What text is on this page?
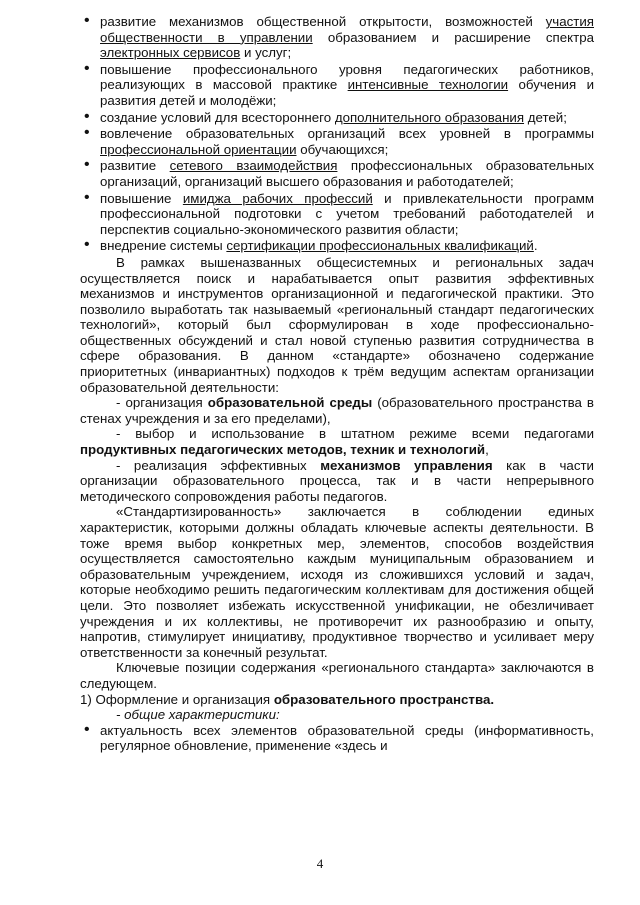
• развитие механизмов общественной открытости, возможностей участия общественности в управлении образованием и расширение спектра электронных сервисов и услуг;
• повышение профессионального уровня педагогических работников, реализующих в массовой практике интенсивные технологии обучения и развития детей и молодёжи;
• создание условий для всестороннего дополнительного образования детей;
• вовлечение образовательных организаций всех уровней в программы профессиональной ориентации обучающихся;
• развитие сетевого взаимодействия профессиональных образовательных организаций, организаций высшего образования и работодателей;
• повышение имиджа рабочих профессий и привлекательности программ профессиональной подготовки с учетом требований работодателей и перспектив социально-экономического развития области;
• внедрение системы сертификации профессиональных квалификаций.

В рамках вышеназванных общесистемных и региональных задач осуществляется поиск и нарабатывается опыт развития эффективных механизмов и инструментов организационной и педагогической практики. Это позволило выработать так называемый «региональный стандарт педагогических технологий», который был сформулирован в ходе профессионально-общественных обсуждений и стал новой ступенью развития сотрудничества в сфере образования. В данном «стандарте» обозначено содержание приоритетных (инвариантных) подходов к трём ведущим аспектам организации образовательной деятельности:

- организация образовательной среды (образовательного пространства в стенах учреждения и за его пределами),

- выбор и использование в штатном режиме всеми педагогами продуктивных педагогических методов, техник и технологий,

- реализация эффективных механизмов управления как в части организации образовательного процесса, так и в части непрерывного методического сопровождения работы педагогов.

«Стандартизированность» заключается в соблюдении единых характеристик, которыми должны обладать ключевые аспекты деятельности. В тоже время выбор конкретных мер, элементов, способов воздействия осуществляется самостоятельно каждым муниципальным образованием и образовательным учреждением, исходя из сложившихся условий и задач, которые необходимо решить педагогическим коллективам для достижения общей цели. Это позволяет избежать искусственной унификации, не обезличивает учреждения и их коллективы, не противоречит их разнообразию и опыту, напротив, стимулирует инициативу, продуктивное творчество и усиливает меру ответственности за конечный результат.

Ключевые позиции содержания «регионального стандарта» заключаются в следующем.

1) Оформление и организация образовательного пространства.

- общие характеристики:

• актуальность всех элементов образовательной среды (информативность, регулярное обновление, применение «здесь и
4
